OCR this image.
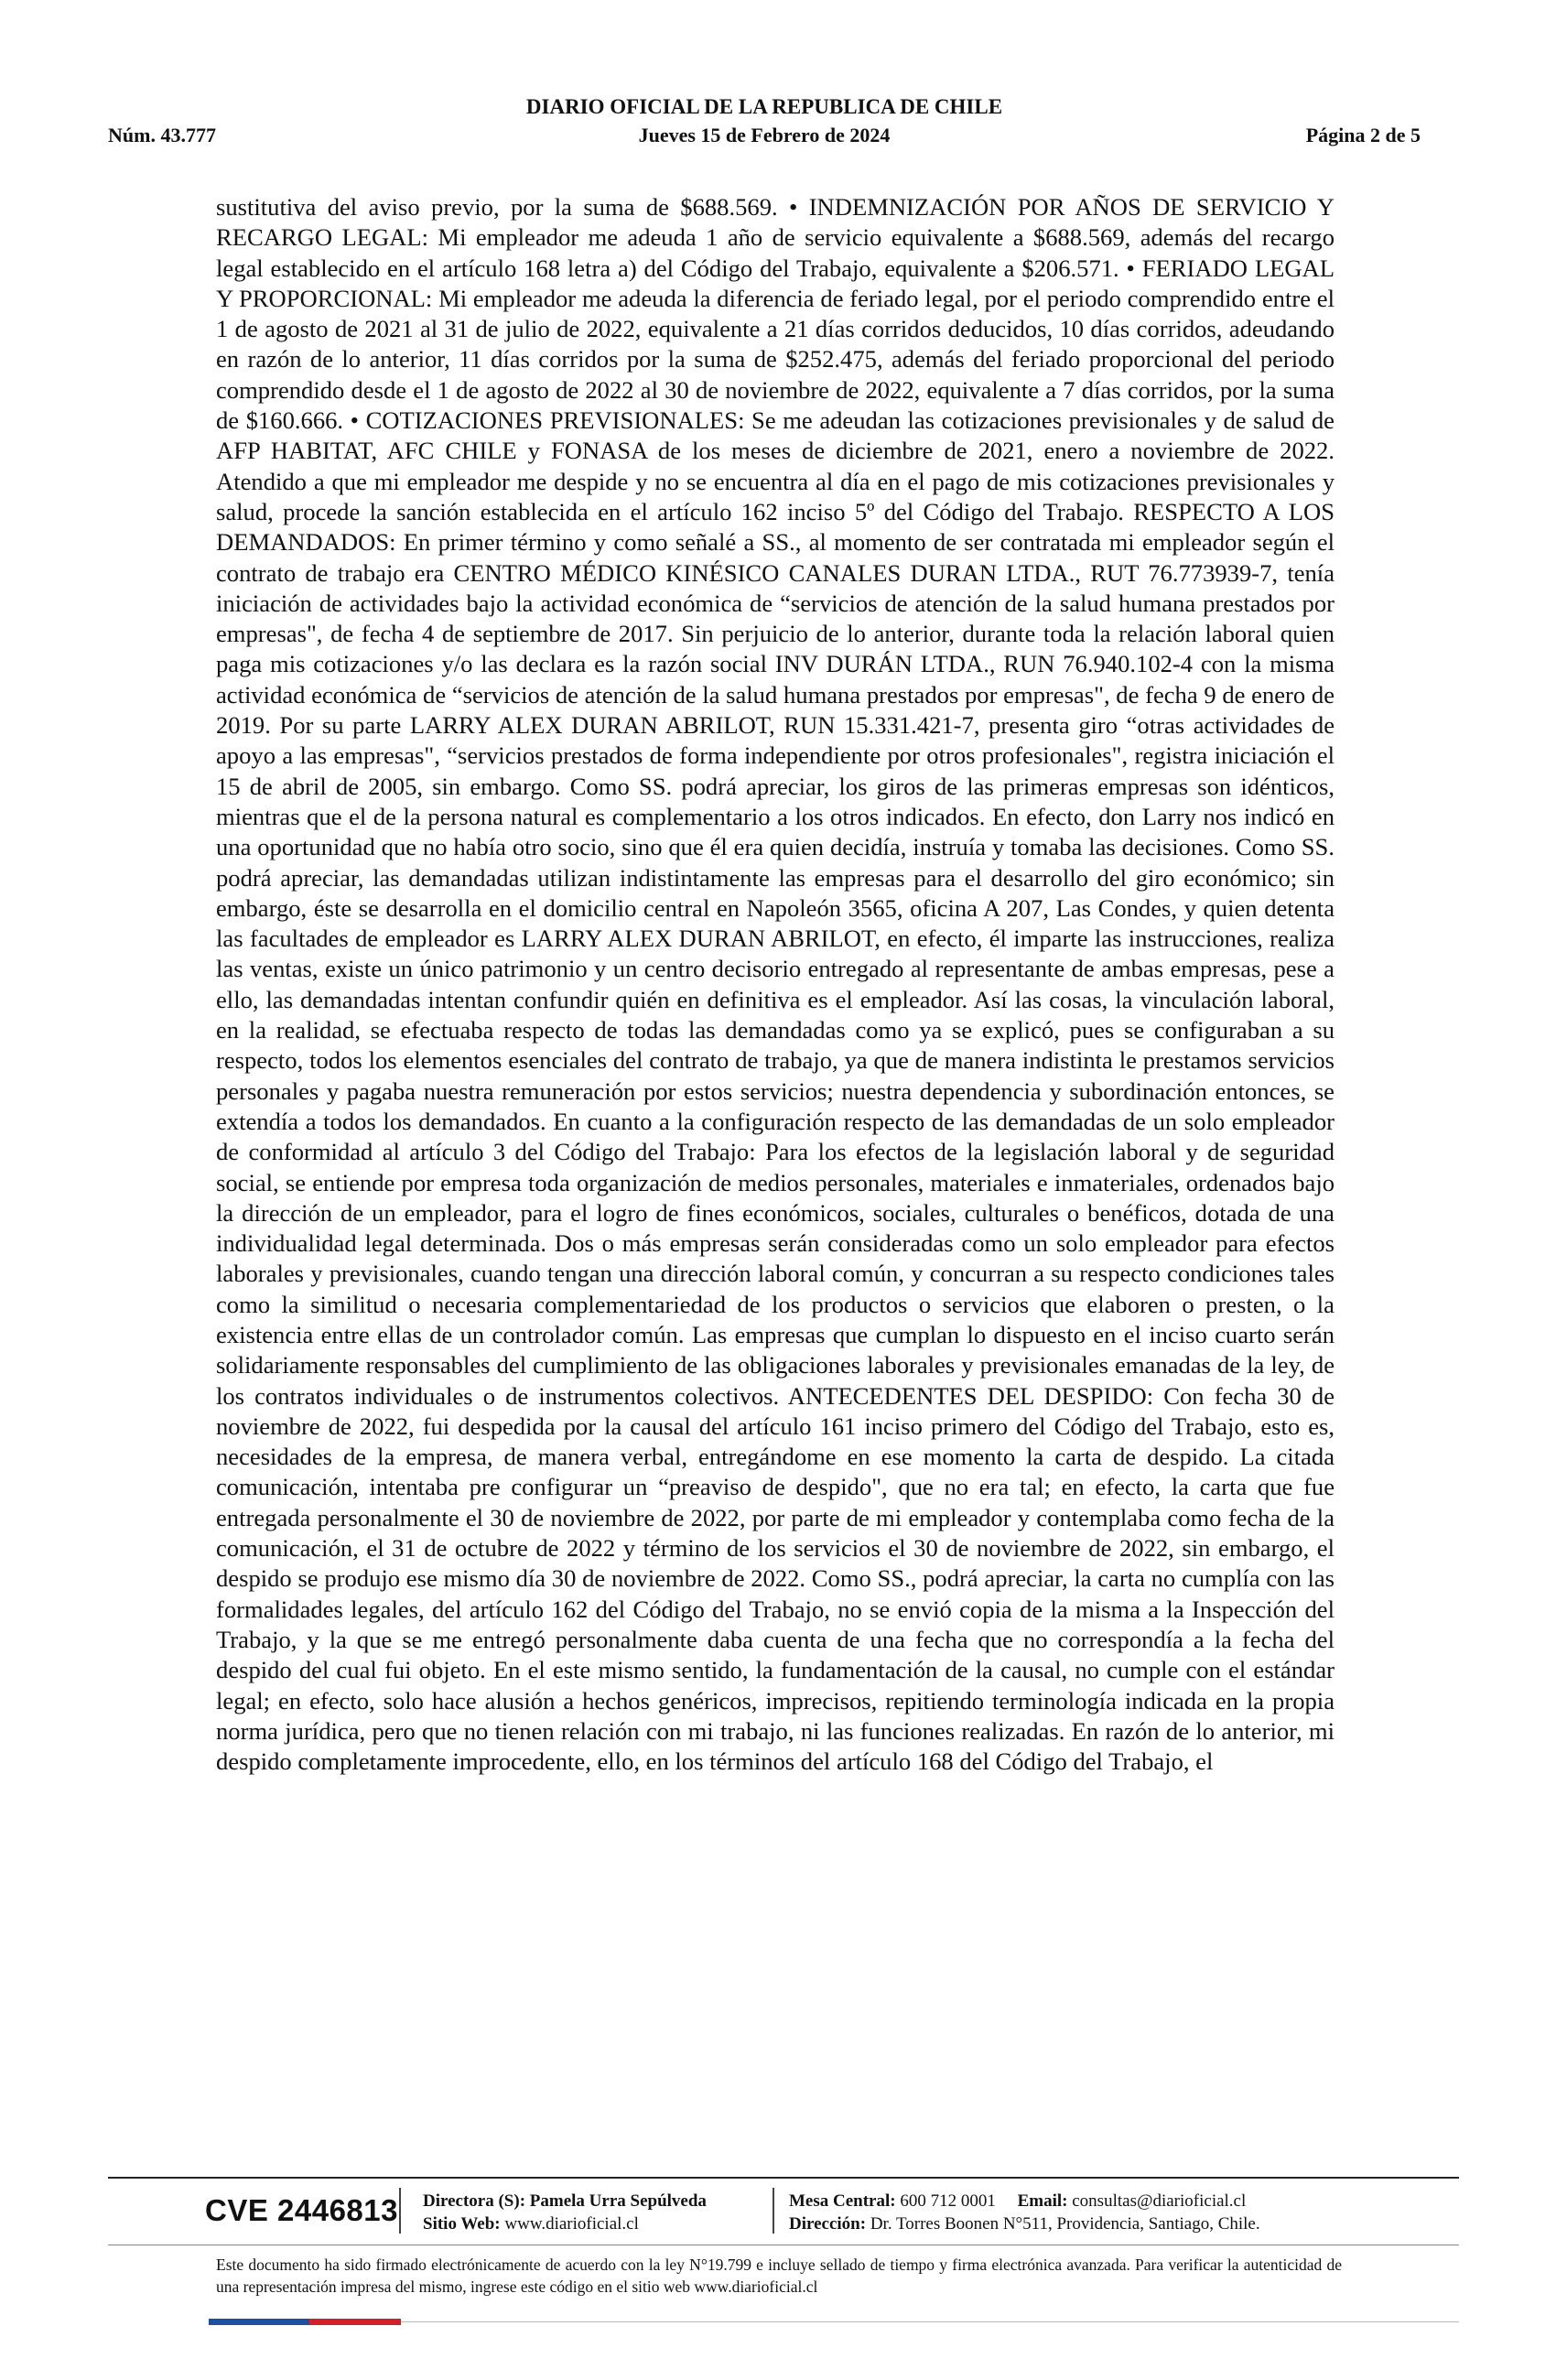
DIARIO OFICIAL DE LA REPUBLICA DE CHILE
Núm. 43.777	Jueves 15 de Febrero de 2024	Página 2 de 5
sustitutiva del aviso previo, por la suma de $688.569. • INDEMNIZACIÓN POR AÑOS DE SERVICIO Y RECARGO LEGAL: Mi empleador me adeuda 1 año de servicio equivalente a $688.569, además del recargo legal establecido en el artículo 168 letra a) del Código del Trabajo, equivalente a $206.571. • FERIADO LEGAL Y PROPORCIONAL: Mi empleador me adeuda la diferencia de feriado legal, por el periodo comprendido entre el 1 de agosto de 2021 al 31 de julio de 2022, equivalente a 21 días corridos deducidos, 10 días corridos, adeudando en razón de lo anterior, 11 días corridos por la suma de $252.475, además del feriado proporcional del periodo comprendido desde el 1 de agosto de 2022 al 30 de noviembre de 2022, equivalente a 7 días corridos, por la suma de $160.666. • COTIZACIONES PREVISIONALES: Se me adeudan las cotizaciones previsionales y de salud de AFP HABITAT, AFC CHILE y FONASA de los meses de diciembre de 2021, enero a noviembre de 2022. Atendido a que mi empleador me despide y no se encuentra al día en el pago de mis cotizaciones previsionales y salud, procede la sanción establecida en el artículo 162 inciso 5º del Código del Trabajo. RESPECTO A LOS DEMANDADOS: En primer término y como señalé a SS., al momento de ser contratada mi empleador según el contrato de trabajo era CENTRO MÉDICO KINÉSICO CANALES DURAN LTDA., RUT 76.773939-7, tenía iniciación de actividades bajo la actividad económica de “servicios de atención de la salud humana prestados por empresas", de fecha 4 de septiembre de 2017. Sin perjuicio de lo anterior, durante toda la relación laboral quien paga mis cotizaciones y/o las declara es la razón social INV DURÁN LTDA., RUN 76.940.102-4 con la misma actividad económica de “servicios de atención de la salud humana prestados por empresas", de fecha 9 de enero de 2019. Por su parte LARRY ALEX DURAN ABRILOT, RUN 15.331.421-7, presenta giro “otras actividades de apoyo a las empresas", “servicios prestados de forma independiente por otros profesionales", registra iniciación el 15 de abril de 2005, sin embargo. Como SS. podrá apreciar, los giros de las primeras empresas son idénticos, mientras que el de la persona natural es complementario a los otros indicados. En efecto, don Larry nos indicó en una oportunidad que no había otro socio, sino que él era quien decidía, instruía y tomaba las decisiones. Como SS. podrá apreciar, las demandadas utilizan indistintamente las empresas para el desarrollo del giro económico; sin embargo, éste se desarrolla en el domicilio central en Napoleón 3565, oficina A 207, Las Condes, y quien detenta las facultades de empleador es LARRY ALEX DURAN ABRILOT, en efecto, él imparte las instrucciones, realiza las ventas, existe un único patrimonio y un centro decisorio entregado al representante de ambas empresas, pese a ello, las demandadas intentan confundir quién en definitiva es el empleador. Así las cosas, la vinculación laboral, en la realidad, se efectuaba respecto de todas las demandadas como ya se explicó, pues se configuraban a su respecto, todos los elementos esenciales del contrato de trabajo, ya que de manera indistinta le prestamos servicios personales y pagaba nuestra remuneración por estos servicios; nuestra dependencia y subordinación entonces, se extendía a todos los demandados. En cuanto a la configuración respecto de las demandadas de un solo empleador de conformidad al artículo 3 del Código del Trabajo: Para los efectos de la legislación laboral y de seguridad social, se entiende por empresa toda organización de medios personales, materiales e inmateriales, ordenados bajo la dirección de un empleador, para el logro de fines económicos, sociales, culturales o benéficos, dotada de una individualidad legal determinada. Dos o más empresas serán consideradas como un solo empleador para efectos laborales y previsionales, cuando tengan una dirección laboral común, y concurran a su respecto condiciones tales como la similitud o necesaria complementariedad de los productos o servicios que elaboren o presten, o la existencia entre ellas de un controlador común. Las empresas que cumplan lo dispuesto en el inciso cuarto serán solidariamente responsables del cumplimiento de las obligaciones laborales y previsionales emanadas de la ley, de los contratos individuales o de instrumentos colectivos. ANTECEDENTES DEL DESPIDO: Con fecha 30 de noviembre de 2022, fui despedida por la causal del artículo 161 inciso primero del Código del Trabajo, esto es, necesidades de la empresa, de manera verbal, entregándome en ese momento la carta de despido. La citada comunicación, intentaba pre configurar un “preaviso de despido", que no era tal; en efecto, la carta que fue entregada personalmente el 30 de noviembre de 2022, por parte de mi empleador y contemplaba como fecha de la comunicación, el 31 de octubre de 2022 y término de los servicios el 30 de noviembre de 2022, sin embargo, el despido se produjo ese mismo día 30 de noviembre de 2022. Como SS., podrá apreciar, la carta no cumplía con las formalidades legales, del artículo 162 del Código del Trabajo, no se envió copia de la misma a la Inspección del Trabajo, y la que se me entregó personalmente daba cuenta de una fecha que no correspondía a la fecha del despido del cual fui objeto. En el este mismo sentido, la fundamentación de la causal, no cumple con el estándar legal; en efecto, solo hace alusión a hechos genéricos, imprecisos, repitiendo terminología indicada en la propia norma jurídica, pero que no tienen relación con mi trabajo, ni las funciones realizadas. En razón de lo anterior, mi despido completamente improcedente, ello, en los términos del artículo 168 del Código del Trabajo, el
CVE 2446813 Directora (S): Pamela Urra Sepúlveda
Sitio Web: www.diarioficial.cl
Mesa Central: 600 712 0001 Email: consultas@diarioficial.cl
Dirección: Dr. Torres Boonen N°511, Providencia, Santiago, Chile.
Este documento ha sido firmado electrónicamente de acuerdo con la ley N°19.799 e incluye sellado de tiempo y firma electrónica avanzada. Para verificar la autenticidad de una representación impresa del mismo, ingrese este código en el sitio web www.diarioficial.cl
